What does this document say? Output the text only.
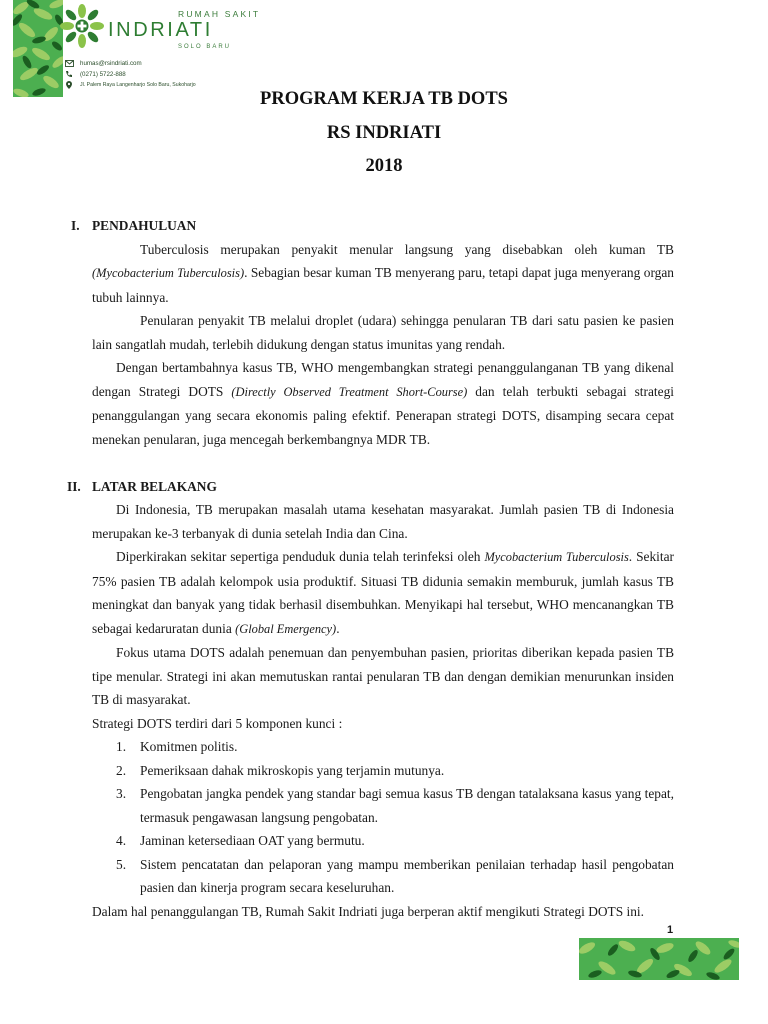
RUMAH SAKIT
INDRIATI
SOLO BARU
humas@rsindriati.com
(0271) 5722-888
Jl. Palem Raya Langenharjo Solo Baru, Sukoharjo
PROGRAM KERJA TB DOTS
RS INDRIATI
2018
I. PENDAHULUAN

Tuberculosis merupakan penyakit menular langsung yang disebabkan oleh kuman TB (Mycobacterium Tuberculosis). Sebagian besar kuman TB menyerang paru, tetapi dapat juga menyerang organ tubuh lainnya.

Penularan penyakit TB melalui droplet (udara) sehingga penularan TB dari satu pasien ke pasien lain sangatlah mudah, terlebih didukung dengan status imunitas yang rendah.

Dengan bertambahnya kasus TB, WHO mengembangkan strategi penanggulanganan TB yang dikenal dengan Strategi DOTS (Directly Observed Treatment Short-Course) dan telah terbukti sebagai strategi penanggulangan yang secara ekonomis paling efektif. Penerapan strategi DOTS, disamping secara cepat menekan penularan, juga mencegah berkembangnya MDR TB.

II. LATAR BELAKANG

Di Indonesia, TB merupakan masalah utama kesehatan masyarakat. Jumlah pasien TB di Indonesia merupakan ke-3 terbanyak di dunia setelah India dan Cina.

Diperkirakan sekitar sepertiga penduduk dunia telah terinfeksi oleh Mycobacterium Tuberculosis. Sekitar 75% pasien TB adalah kelompok usia produktif. Situasi TB didunia semakin memburuk, jumlah kasus TB meningkat dan banyak yang tidak berhasil disembuhkan. Menyikapi hal tersebut, WHO mencanangkan TB sebagai kedaruratan dunia (Global Emergency).

Fokus utama DOTS adalah penemuan dan penyembuhan pasien, prioritas diberikan kepada pasien TB tipe menular. Strategi ini akan memutuskan rantai penularan TB dan dengan demikian menurunkan insiden TB di masyarakat.

Strategi DOTS terdiri dari 5 komponen kunci :

1. Komitmen politis.
2. Pemeriksaan dahak mikroskopis yang terjamin mutunya.
3. Pengobatan jangka pendek yang standar bagi semua kasus TB dengan tatalaksana kasus yang tepat, termasuk pengawasan langsung pengobatan.
4. Jaminan ketersediaan OAT yang bermutu.
5. Sistem pencatatan dan pelaporan yang mampu memberikan penilaian terhadap hasil pengobatan pasien dan kinerja program secara keseluruhan.

Dalam hal penanggulangan TB, Rumah Sakit Indriati juga berperan aktif mengikuti Strategi DOTS ini.

1
